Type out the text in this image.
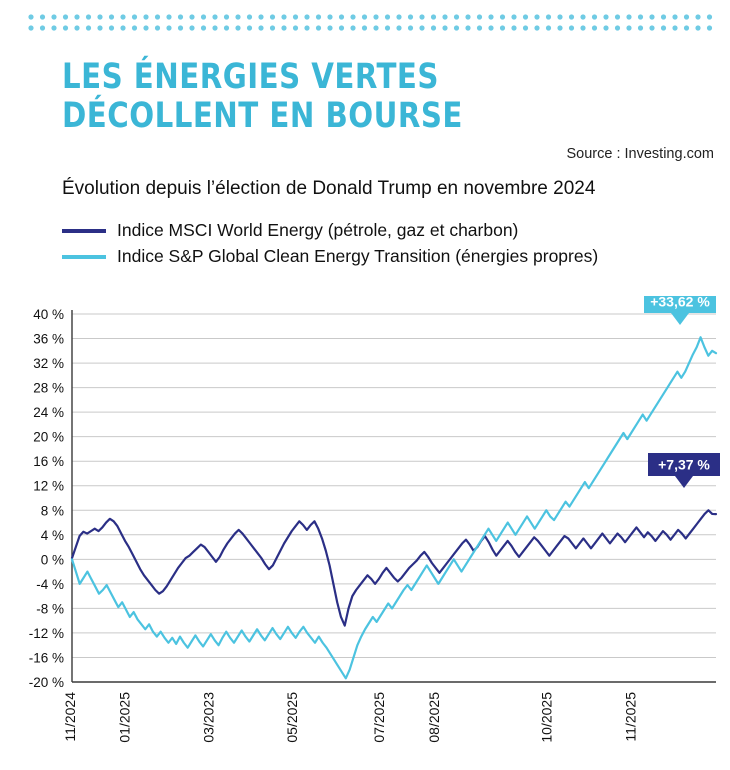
LES ÉNERGIES VERTES
DÉCOLLENT EN BOURSE
Source : Investing.com
Évolution depuis l’élection de Donald Trump en novembre 2024
Indice MSCI World Energy (pétrole, gaz et charbon)
Indice S&P Global Clean Energy Transition (énergies propres)
-20 %
-16 %
-12 %
-8 %
-4 %
0 %
4 %
8 %
12 %
16 %
20 %
24 %
28 %
32 %
36 %
40 %
11/2024	01/2025	03/2023	05/2025	07/2025	08/2025	10/2025	11/2025
+33,62 %
+7,37 %
